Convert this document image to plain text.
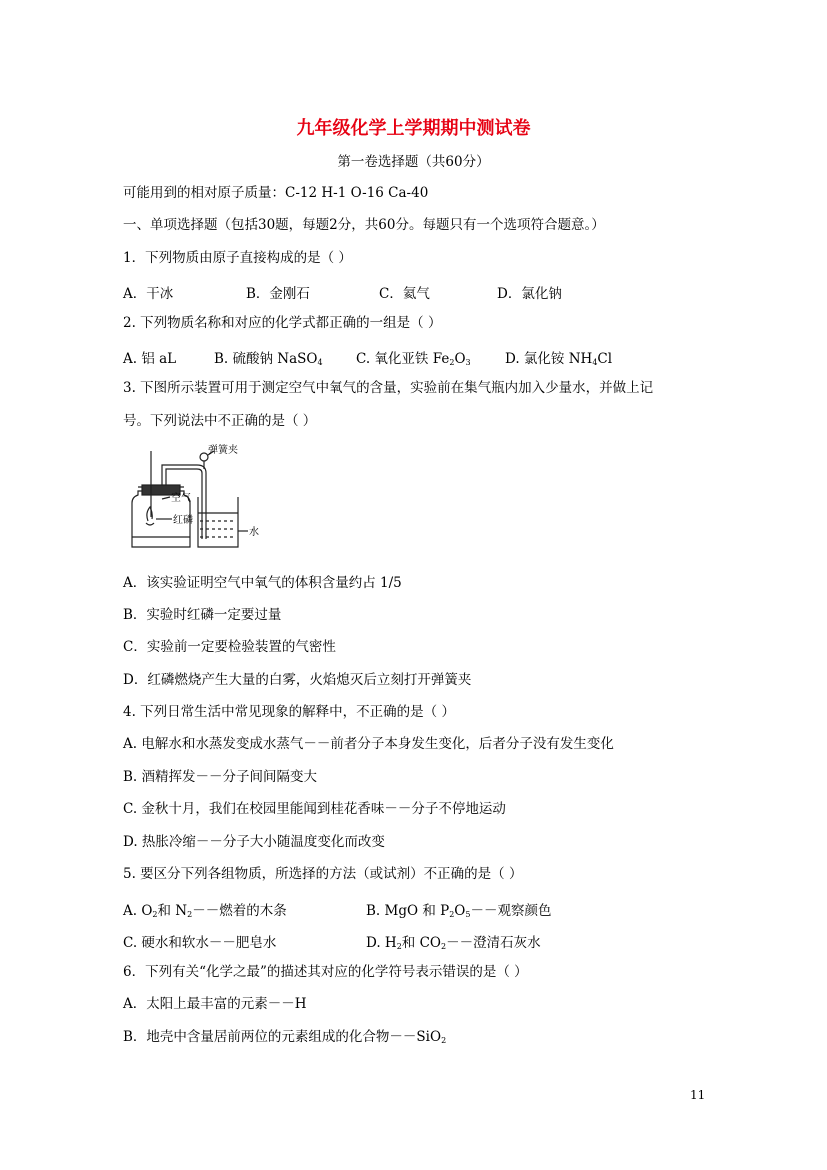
九年级化学上学期期中测试卷
第一卷选择题（共60分）
可能用到的相对原子质量：C-12 H-1 O-16 Ca-40
一、单项选择题（包括30题，每题2分，共60分。每题只有一个选项符合题意。）
1．下列物质由原子直接构成的是（ ）
A．干冰	B．金刚石	C．氦气	D．氯化钠
2. 下列物质名称和对应的化学式都正确的一组是（ ）
A. 铝 aL	B. 硫酸钠 NaSO$_4$ C. 氧化亚铁 $Fe_2O_3$	D. 氯化铵 $NH_4Cl$
3. 下图所示装置可用于测定空气中氧气的含量，实验前在集气瓶内加入少量水，并做上记
号。下列说法中不正确的是（ ）
弹簧夹
空气
红磷
水
A．该实验证明空气中氧气的体积含量约占 1/5
B．实验时红磷一定要过量
C．实验前一定要检验装置的气密性
D．红磷燃烧产生大量的白雾，火焰熄灭后立刻打开弹簧夹
4. 下列日常生活中常见现象的解释中，不正确的是（ ）
A. 电解水和水蒸发变成水蒸气－－前者分子本身发生变化，后者分子没有发生变化
B. 酒精挥发－－分子间间隔变大
C. 金秋十月，我们在校园里能闻到桂花香味－－分子不停地运动
D. 热胀冷缩－－分子大小随温度变化而改变
5. 要区分下列各组物质，所选择的方法（或试剂）不正确的是（ ）
A. $O_2$和 $N_2--$燃着的木条	B. MgO 和 $P_2O_5--$观察颜色
C. 硬水和软水－－肥皂水	D. $H_2$和 $CO_2--$澄清石灰水
6．下列有关“化学之最”的描述其对应的化学符号表示错误的是（ ）
A．太阳上最丰富的元素－－H
B．地壳中含量居前两位的元素组成的化合物－－SiO$_2$
11
